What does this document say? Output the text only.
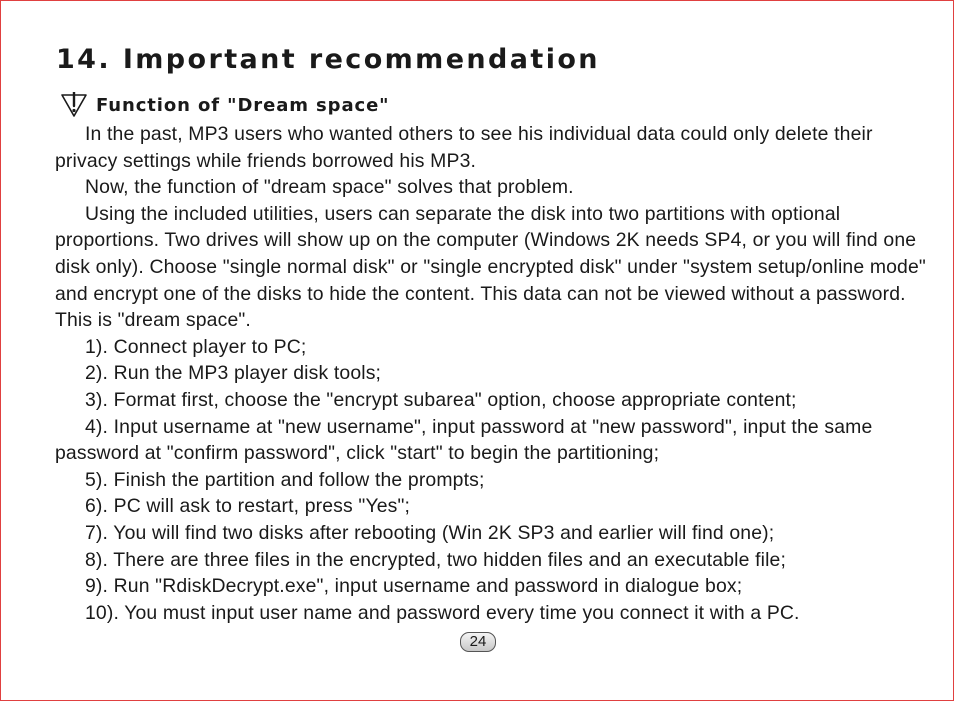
14. Important recommendation
Function of "Dream space"

In the past, MP3 users who wanted others to see his individual data could only delete their privacy settings while friends borrowed his MP3.

Now, the function of "dream space" solves that problem.

Using the included utilities, users can separate the disk into two partitions with optional proportions. Two drives will show up on the computer (Windows 2K needs SP4, or you will find one disk only). Choose "single normal disk" or "single encrypted disk" under "system setup/online mode" and encrypt one of the disks to hide the content. This data can not be viewed without a password. This is "dream space".

1). Connect player to PC;

2). Run the MP3 player disk tools;

3). Format first, choose the "encrypt subarea" option, choose appropriate content;

4). Input username at "new username", input password at "new password", input the same password at "confirm password", click "start" to begin the partitioning;

5). Finish the partition and follow the prompts;

6). PC will ask to restart, press "Yes";

7). You will find two disks after rebooting (Win 2K SP3 and earlier will find one);

8). There are three files in the encrypted, two hidden files and an executable file;

9). Run "RdiskDecrypt.exe", input username and password in dialogue box;

10). You must input user name and password every time you connect it with a PC.

24
